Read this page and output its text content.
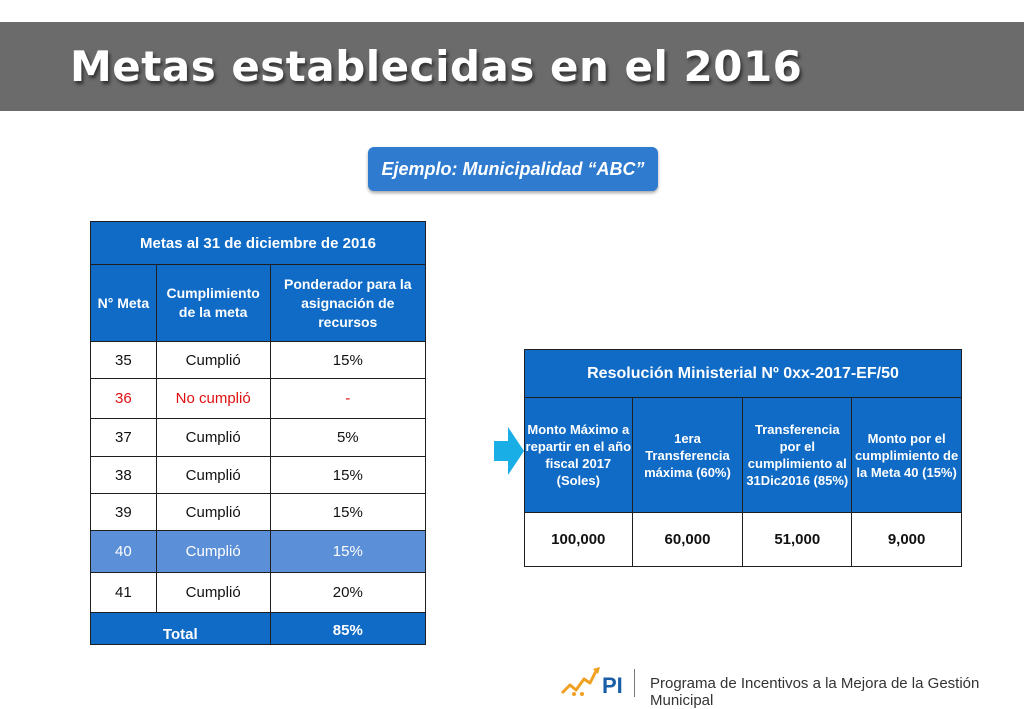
Metas establecidas en el 2016
Ejemplo: Municipalidad “ABC”
Metas al 31 de diciembre de 2016		
N° Meta	Cumplimiento de la meta	Ponderador para la asignación de recursos
35	Cumplió	15%
36	No cumplió	-
37	Cumplió	5%
38	Cumplió	15%
39	Cumplió	15%
40	Cumplió	15%
41	Cumplió	20%
Total		85%
Resolución Ministerial Nº 0xx-2017-EF/50			
Monto Máximo a repartir en el año fiscal 2017 (Soles)	1era Transferencia máxima (60%)	Transferencia por el cumplimiento al 31Dic2016 (85%)	Monto por el cumplimiento de la Meta 40 (15%)
100,000	60,000	51,000	9,000
PI Programa de Incentivos a la Mejora de la Gestión Municipal
